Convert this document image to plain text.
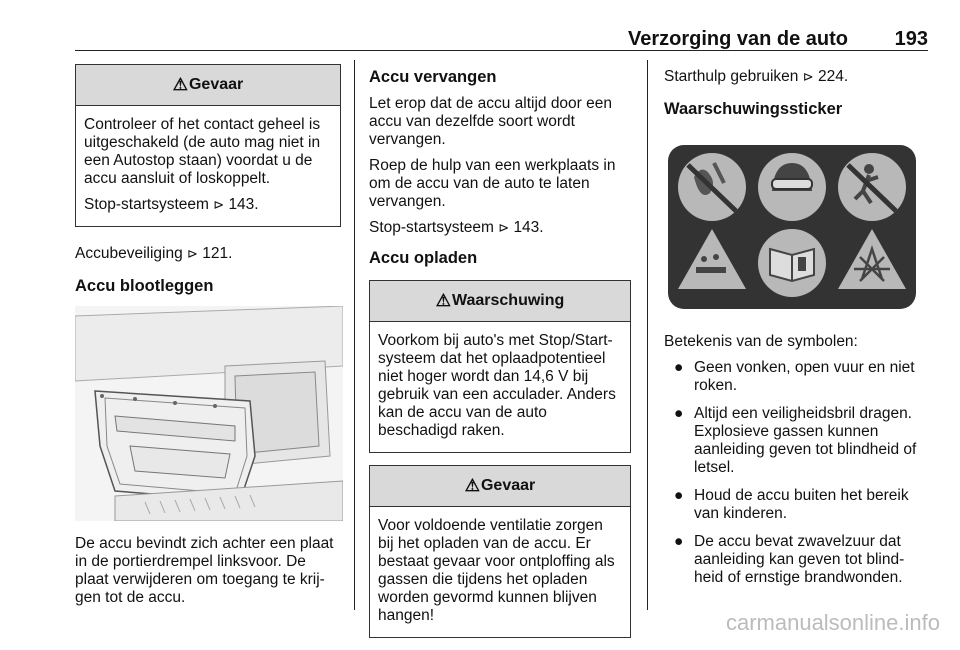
Verzorging van de auto 193
⚠ Gevaar

Controleer of het contact geheel is uitgeschakeld (de auto mag niet in een Autostop staan) voordat u de accu aansluit of loskoppelt.

Stop-startsysteem ⊳ 143.

Accubeveiliging ⊳ 121.

Accu blootleggen

De accu bevindt zich achter een plaat in de portierdrempel linksvoor. De plaat verwijderen om toegang te krij-gen tot de accu.

Accu vervangen

Let erop dat de accu altijd door een accu van dezelfde soort wordt vervangen.

Roep de hulp van een werkplaats in om de accu van de auto te laten vervangen.

Stop-startsysteem ⊳ 143.

Accu opladen
⚠ Waarschuwing

Voorkom bij auto's met Stop/Start-systeem dat het oplaadpotentieel niet hoger wordt dan 14,6 V bij gebruik van een acculader. Anders kan de accu van de auto beschadigd raken.

⚠ Gevaar

Voor voldoende ventilatie zorgen bij het opladen van de accu. Er bestaat gevaar voor ontploffing als gassen die tijdens het opladen worden gevormd kunnen blijven hangen!

Starthulp gebruiken ⊳ 224.

Waarschuwingssticker

Betekenis van de symbolen:

● Geen vonken, open vuur en niet roken.
● Altijd een veiligheidsbril dragen. Explosieve gassen kunnen aanleiding geven tot blindheid of letsel.
● Houd de accu buiten het bereik van kinderen.
● De accu bevat zwavelzuur dat aanleiding kan geven tot blind-heid of ernstige brandwonden.
carmanualsonline.info
